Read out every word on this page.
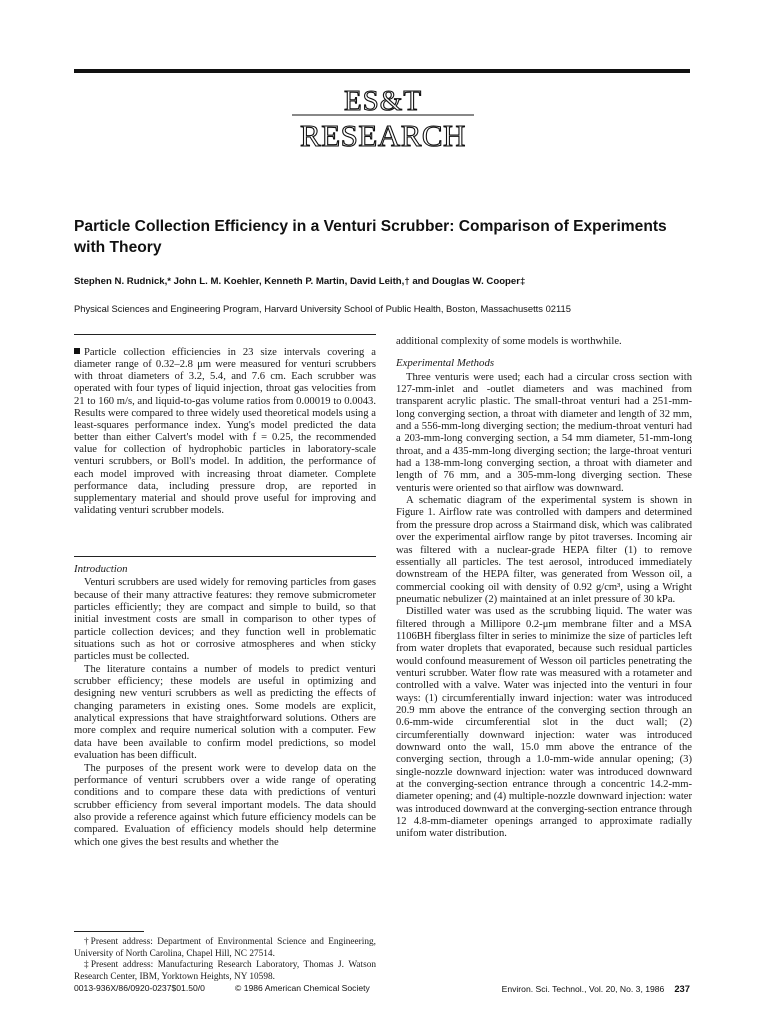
ES&T
RESEARCH
Particle Collection Efficiency in a Venturi Scrubber: Comparison of Experiments with Theory
Stephen N. Rudnick,* John L. M. Koehler, Kenneth P. Martin, David Leith,† and Douglas W. Cooper‡
Physical Sciences and Engineering Program, Harvard University School of Public Health, Boston, Massachusetts 02115

Particle collection efficiencies in 23 size intervals covering a diameter range of 0.32–2.8 μm were measured for venturi scrubbers with throat diameters of 3.2, 5.4, and 7.6 cm. Each scrubber was operated with four types of liquid injection, throat gas velocities from 21 to 160 m/s, and liquid-to-gas volume ratios from 0.00019 to 0.0043. Results were compared to three widely used theoretical models using a least-squares performance index. Yung's model predicted the data better than either Calvert's model with f = 0.25, the recommended value for collection of hydrophobic particles in laboratory-scale venturi scrubbers, or Boll's model. In addition, the performance of each model improved with increasing throat diameter. Complete performance data, including pressure drop, are reported in supplementary material and should prove useful for improving and validating venturi scrubber models.

Introduction

Venturi scrubbers are used widely for removing particles from gases because of their many attractive features: they remove submicrometer particles efficiently; they are compact and simple to build, so that initial investment costs are small in comparison to other types of particle collection devices; and they function well in problematic situations such as hot or corrosive atmospheres and when sticky particles must be collected.

The literature contains a number of models to predict venturi scrubber efficiency; these models are useful in optimizing and designing new venturi scrubbers as well as predicting the effects of changing parameters in existing ones. Some models are explicit, analytical expressions that have straightforward solutions. Others are more complex and require numerical solution with a computer. Few data have been available to confirm model predictions, so model evaluation has been difficult.

The purposes of the present work were to develop data on the performance of venturi scrubbers over a wide range of operating conditions and to compare these data with predictions of venturi scrubber efficiency from several important models. The data should also provide a reference against which future efficiency models can be compared. Evaluation of efficiency models should help determine which one gives the best results and whether the

†Present address: Department of Environmental Science and Engineering, University of North Carolina, Chapel Hill, NC 27514.

‡Present address: Manufacturing Research Laboratory, Thomas J. Watson Research Center, IBM, Yorktown Heights, NY 10598.

additional complexity of some models is worthwhile.

Experimental Methods

Three venturis were used; each had a circular cross section with 127-mm-inlet and -outlet diameters and was machined from transparent acrylic plastic. The small-throat venturi had a 251-mm-long converging section, a throat with diameter and length of 32 mm, and a 556-mm-long diverging section; the medium-throat venturi had a 203-mm-long converging section, a 54 mm diameter, 51-mm-long throat, and a 435-mm-long diverging section; the large-throat venturi had a 138-mm-long converging section, a throat with diameter and length of 76 mm, and a 305-mm-long diverging section. These venturis were oriented so that airflow was downward.

A schematic diagram of the experimental system is shown in Figure 1. Airflow rate was controlled with dampers and determined from the pressure drop across a Stairmand disk, which was calibrated over the experimental airflow range by pitot traverses. Incoming air was filtered with a nuclear-grade HEPA filter (1) to remove essentially all particles. The test aerosol, introduced immediately downstream of the HEPA filter, was generated from Wesson oil, a commercial cooking oil with density of 0.92 g/cm³, using a Wright pneumatic nebulizer (2) maintained at an inlet pressure of 30 kPa.

Distilled water was used as the scrubbing liquid. The water was filtered through a Millipore 0.2-μm membrane filter and a MSA 1106BH fiberglass filter in series to minimize the size of particles left from water droplets that evaporated, because such residual particles would confound measurement of Wesson oil particles penetrating the venturi scrubber. Water flow rate was measured with a rotameter and controlled with a valve. Water was injected into the venturi in four ways: (1) circumferentially inward injection: water was introduced 20.9 mm above the entrance of the converging section through an 0.6-mm-wide circumferential slot in the duct wall; (2) circumferentially downward injection: water was introduced downward onto the wall, 15.0 mm above the entrance of the converging section, through a 1.0-mm-wide annular opening; (3) single-nozzle downward injection: water was introduced downward at the converging-section entrance through a concentric 14.2-mm-diameter opening; and (4) multiple-nozzle downward injection: water was introduced downward at the converging-section entrance through 12 4.8-mm-diameter openings arranged to approximate radially unifom water distribution.

0013-936X/86/0920-0237$01.50/0	© 1986 American Chemical Society	Environ. Sci. Technol., Vol. 20, No. 3, 1986 237
